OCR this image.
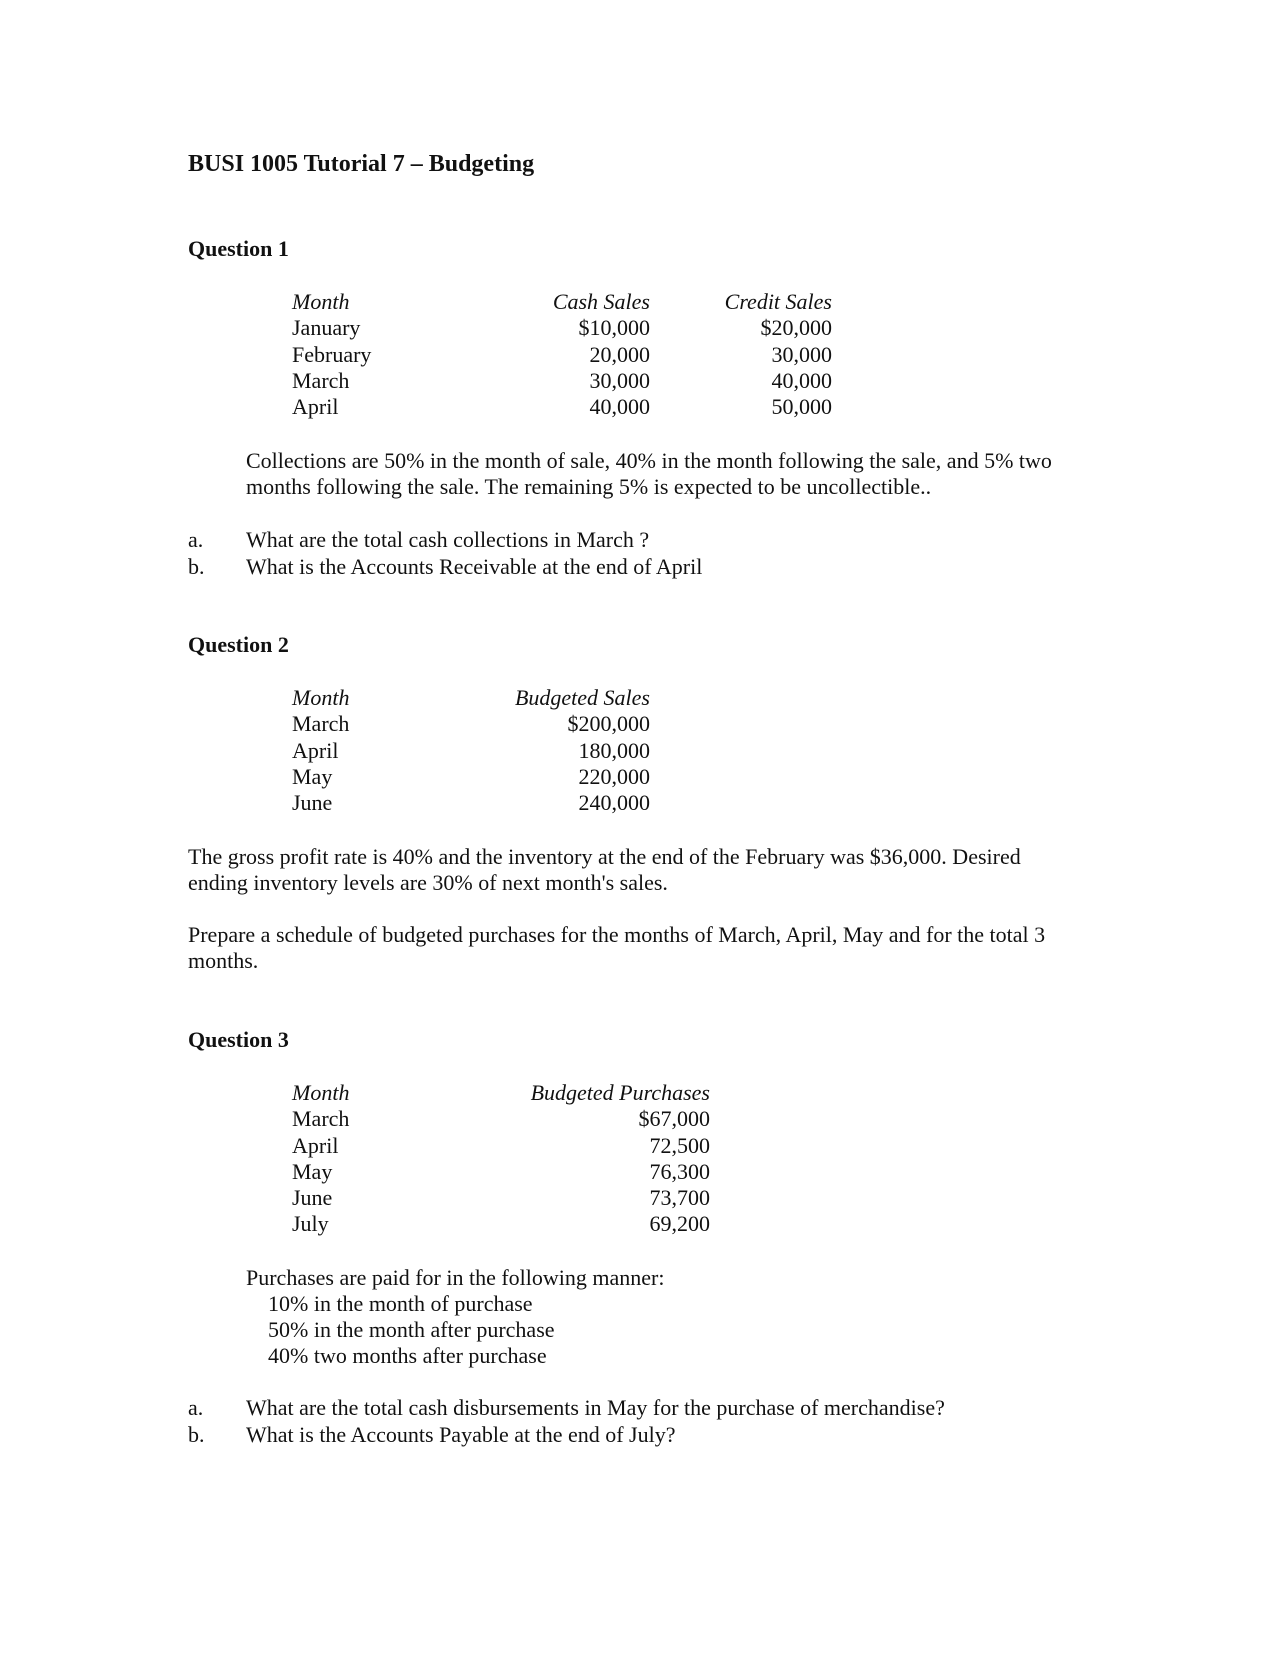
BUSI 1005 Tutorial 7 – Budgeting
Question 1
Month
January
February
March
April
Cash Sales
$10,000
20,000
30,000
40,000
Credit Sales
$20,000
30,000
40,000
50,000
Collections are 50% in the month of sale, 40% in the month following the sale, and 5% two
months following the sale. The remaining 5% is expected to be uncollectible..
a. What are the total cash collections in March ?
b. What is the Accounts Receivable at the end of April
Question 2
Month
March
April
May
June
Budgeted Sales
$200,000
180,000
220,000
240,000
The gross profit rate is 40% and the inventory at the end of the February was $36,000. Desired
ending inventory levels are 30% of next month's sales.
Prepare a schedule of budgeted purchases for the months of March, April, May and for the total 3
months.
Question 3
Month
March
April
May
June
July
Budgeted Purchases
$67,000
72,500
76,300
73,700
69,200
Purchases are paid for in the following manner:
10% in the month of purchase
50% in the month after purchase
40% two months after purchase
a. What are the total cash disbursements in May for the purchase of merchandise?
b. What is the Accounts Payable at the end of July?
